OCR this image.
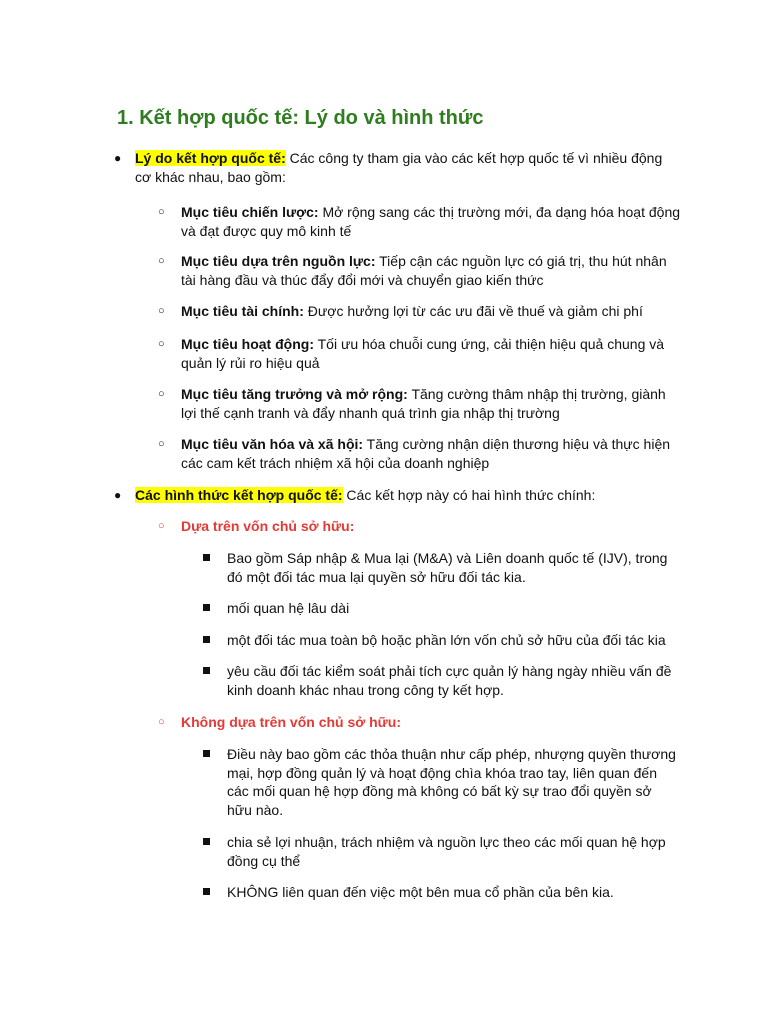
1. Kết hợp quốc tế: Lý do và hình thức
● Lý do kết hợp quốc tế: Các công ty tham gia vào các kết hợp quốc tế vì nhiều động cơ khác nhau, bao gồm:
○ Mục tiêu chiến lược: Mở rộng sang các thị trường mới, đa dạng hóa hoạt động và đạt được quy mô kinh tế
○ Mục tiêu dựa trên nguồn lực: Tiếp cận các nguồn lực có giá trị, thu hút nhân tài hàng đầu và thúc đẩy đổi mới và chuyển giao kiến thức
○ Mục tiêu tài chính: Được hưởng lợi từ các ưu đãi về thuế và giảm chi phí
○ Mục tiêu hoạt động: Tối ưu hóa chuỗi cung ứng, cải thiện hiệu quả chung và quản lý rủi ro hiệu quả
○ Mục tiêu tăng trưởng và mở rộng: Tăng cường thâm nhập thị trường, giành lợi thế cạnh tranh và đẩy nhanh quá trình gia nhập thị trường
○ Mục tiêu văn hóa và xã hội: Tăng cường nhận diện thương hiệu và thực hiện các cam kết trách nhiệm xã hội của doanh nghiệp
● Các hình thức kết hợp quốc tế: Các kết hợp này có hai hình thức chính:
○ Dựa trên vốn chủ sở hữu:
Bao gồm Sáp nhập & Mua lại (M&A) và Liên doanh quốc tế (IJV), trong đó một đối tác mua lại quyền sở hữu đối tác kia.
mối quan hệ lâu dài
một đối tác mua toàn bộ hoặc phần lớn vốn chủ sở hữu của đối tác kia
yêu cầu đối tác kiểm soát phải tích cực quản lý hàng ngày nhiều vấn đề kinh doanh khác nhau trong công ty kết hợp.
○ Không dựa trên vốn chủ sở hữu:
Điều này bao gồm các thỏa thuận như cấp phép, nhượng quyền thương mại, hợp đồng quản lý và hoạt động chìa khóa trao tay, liên quan đến các mối quan hệ hợp đồng mà không có bất kỳ sự trao đổi quyền sở hữu nào.
chia sẻ lợi nhuận, trách nhiệm và nguồn lực theo các mối quan hệ hợp đồng cụ thể
KHÔNG liên quan đến việc một bên mua cổ phần của bên kia.
